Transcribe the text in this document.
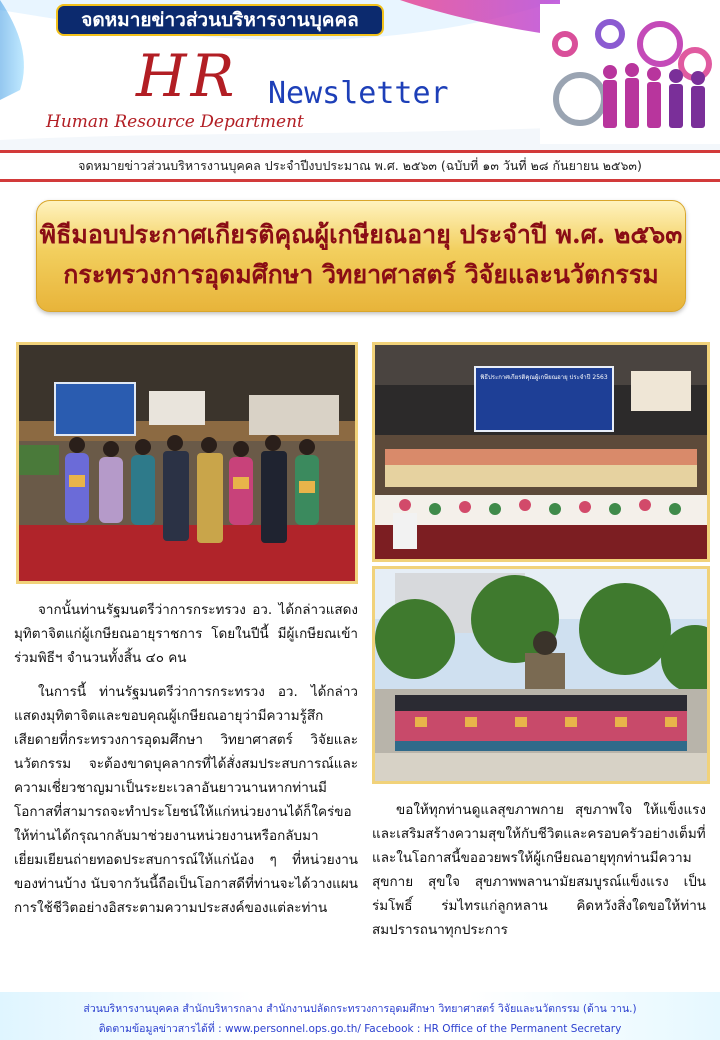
จดหมายข่าวส่วนบริหารงานบุคคล
HR Newsletter
Human Resource Department
จดหมายข่าวส่วนบริหารงานบุคคล ประจำปีงบประมาณ พ.ศ. ๒๕๖๓ (ฉบับที่ ๑๓ วันที่ ๒๘ กันยายน ๒๕๖๓)
พิธีมอบประกาศเกียรติคุณผู้เกษียณอายุ ประจำปี พ.ศ. ๒๕๖๓
กระทรวงการอุดมศึกษา วิทยาศาสตร์ วิจัยและนวัตกรรม
พิธีประกาศเกียรติคุณผู้เกษียณอายุ ประจำปี 2563

จากนั้นท่านรัฐมนตรีว่าการกระทรวง อว. ได้กล่าวแสดงมุทิตาจิตแก่ผู้เกษียณอายุราชการ โดยในปีนี้ มีผู้เกษียณเข้าร่วมพิธีฯ จำนวนทั้งสิ้น ๔๐ คน

ในการนี้ ท่านรัฐมนตรีว่าการกระทรวง อว. ได้กล่าวแสดงมุทิตาจิตและขอบคุณผู้เกษียณอายุว่ามีความรู้สึกเสียดายที่กระทรวงการอุดมศึกษา วิทยาศาสตร์ วิจัยและนวัตกรรม จะต้องขาดบุคลากรที่ได้สั่งสมประสบการณ์และความเชี่ยวชาญมาเป็นระยะเวลาอันยาวนานหากท่านมีโอกาสที่สามารถจะทำประโยชน์ให้แก่หน่วยงานได้ก็ใคร่ขอให้ท่านได้กรุณากลับมาช่วยงานหน่วยงานหรือกลับมาเยี่ยมเยียนถ่ายทอดประสบการณ์ให้แก่น้อง ๆ ที่หน่วยงานของท่านบ้าง นับจากวันนี้ถือเป็นโอกาสดีที่ท่านจะได้วางแผนการใช้ชีวิตอย่างอิสระตามความประสงค์ของแต่ละท่าน

ขอให้ทุกท่านดูแลสุขภาพกาย สุขภาพใจ ให้แข็งแรงและเสริมสร้างความสุขให้กับชีวิตและครอบครัวอย่างเต็มที่ และในโอกาสนี้ขออวยพรให้ผู้เกษียณอายุทุกท่านมีความสุขกาย สุขใจ สุขภาพพลานามัยสมบูรณ์แข็งแรง เป็นร่มโพธิ์ ร่มไทรแก่ลูกหลาน คิดหวังสิ่งใดขอให้ท่านสมปรารถนาทุกประการ

ส่วนบริหารงานบุคคล สำนักบริหารกลาง สำนักงานปลัดกระทรวงการอุดมศึกษา วิทยาศาสตร์ วิจัยและนวัตกรรม (ด้าน วาน.)
ติดตามข้อมูลข่าวสารได้ที่ : www.personnel.ops.go.th/ Facebook : HR Office of the Permanent Secretary
